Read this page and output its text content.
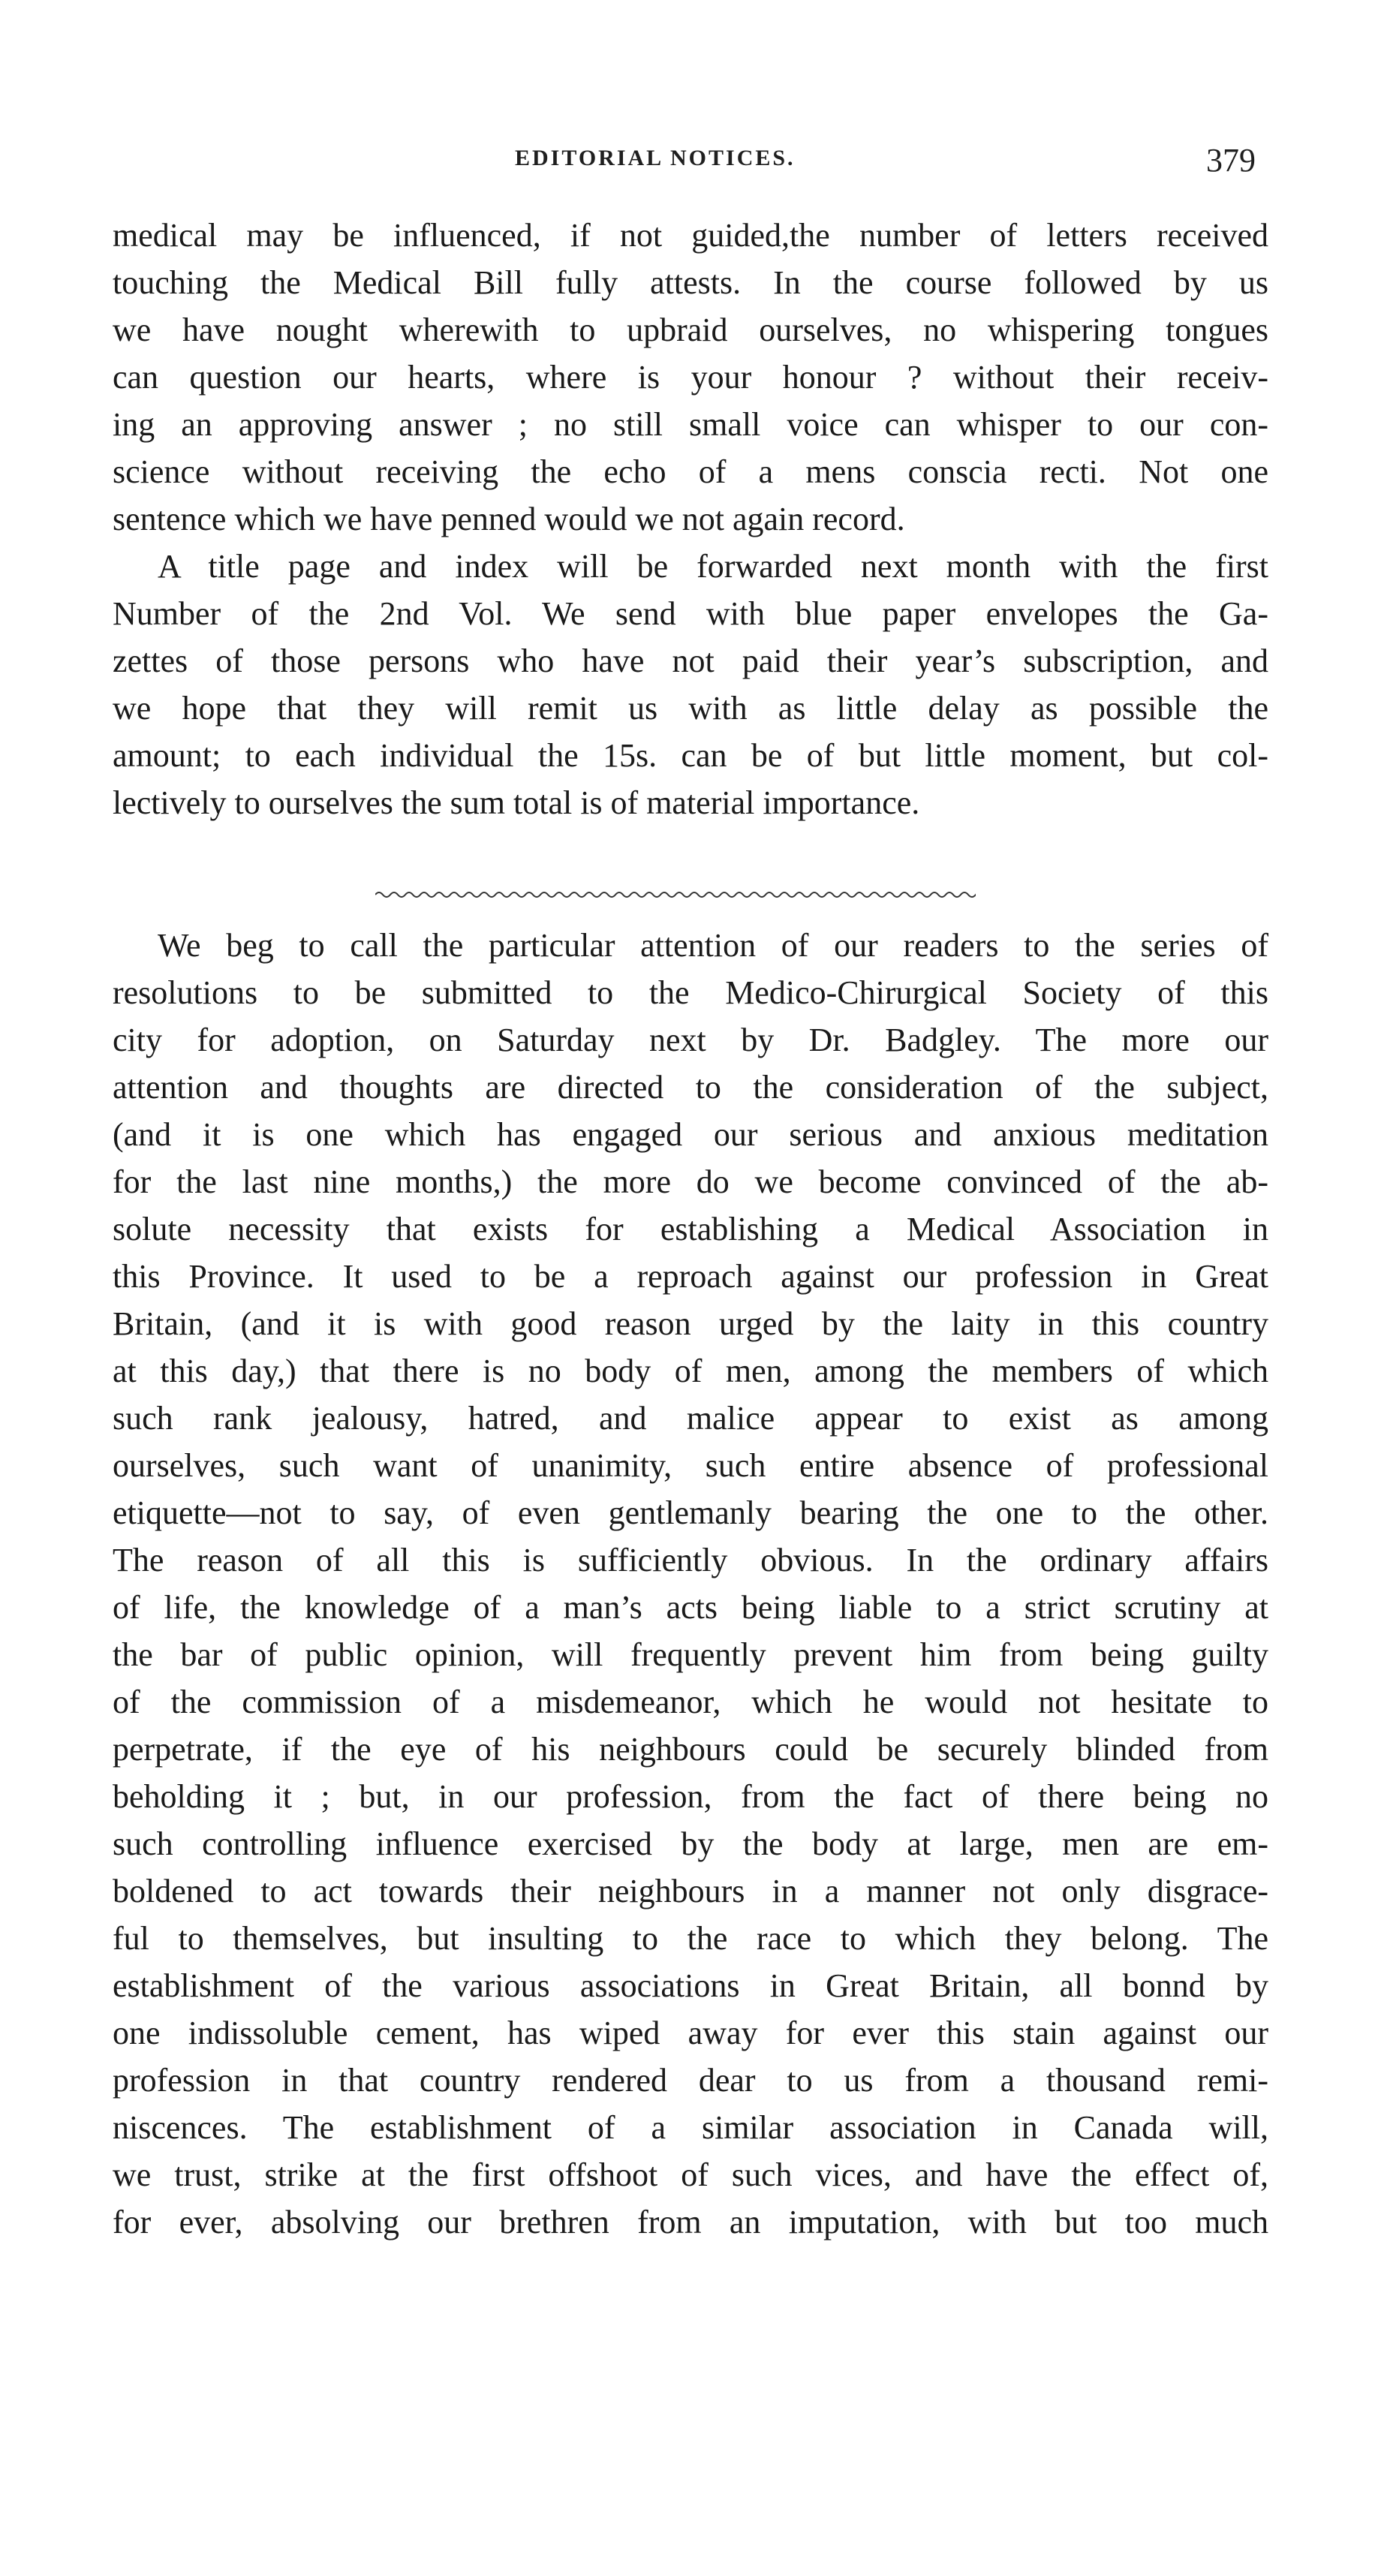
EDITORIAL NOTICES.	379
medical may be influenced, if not guided,the number of letters received
touching the Medical Bill fully attests. In the course followed by us
we have nought wherewith to upbraid ourselves, no whispering tongues
can question our hearts, where is your honour ? without their receiv-
ing an approving answer ; no still small voice can whisper to our con-
science without receiving the echo of a mens conscia recti. Not one
sentence which we have penned would we not again record.
A title page and index will be forwarded next month with the first
Number of the 2nd Vol. We send with blue paper envelopes the Ga-
zettes of those persons who have not paid their year’s subscription, and
we hope that they will remit us with as little delay as possible the
amount; to each individual the 15s. can be of but little moment, but col-
lectively to ourselves the sum total is of material importance.
We beg to call the particular attention of our readers to the series of
resolutions to be submitted to the Medico-Chirurgical Society of this
city for adoption, on Saturday next by Dr. Badgley. The more our
attention and thoughts are directed to the consideration of the subject,
(and it is one which has engaged our serious and anxious meditation
for the last nine months,) the more do we become convinced of the ab-
solute necessity that exists for establishing a Medical Association in
this Province. It used to be a reproach against our profession in Great
Britain, (and it is with good reason urged by the laity in this country
at this day,) that there is no body of men, among the members of which
such rank jealousy, hatred, and malice appear to exist as among
ourselves, such want of unanimity, such entire absence of professional
etiquette—not to say, of even gentlemanly bearing the one to the other.
The reason of all this is sufficiently obvious. In the ordinary affairs
of life, the knowledge of a man’s acts being liable to a strict scrutiny at
the bar of public opinion, will frequently prevent him from being guilty
of the commission of a misdemeanor, which he would not hesitate to
perpetrate, if the eye of his neighbours could be securely blinded from
beholding it ; but, in our profession, from the fact of there being no
such controlling influence exercised by the body at large, men are em-
boldened to act towards their neighbours in a manner not only disgrace-
ful to themselves, but insulting to the race to which they belong. The
establishment of the various associations in Great Britain, all bonnd by
one indissoluble cement, has wiped away for ever this stain against our
profession in that country rendered dear to us from a thousand remi-
niscences. The establishment of a similar association in Canada will,
we trust, strike at the first offshoot of such vices, and have the effect of,
for ever, absolving our brethren from an imputation, with but too much
